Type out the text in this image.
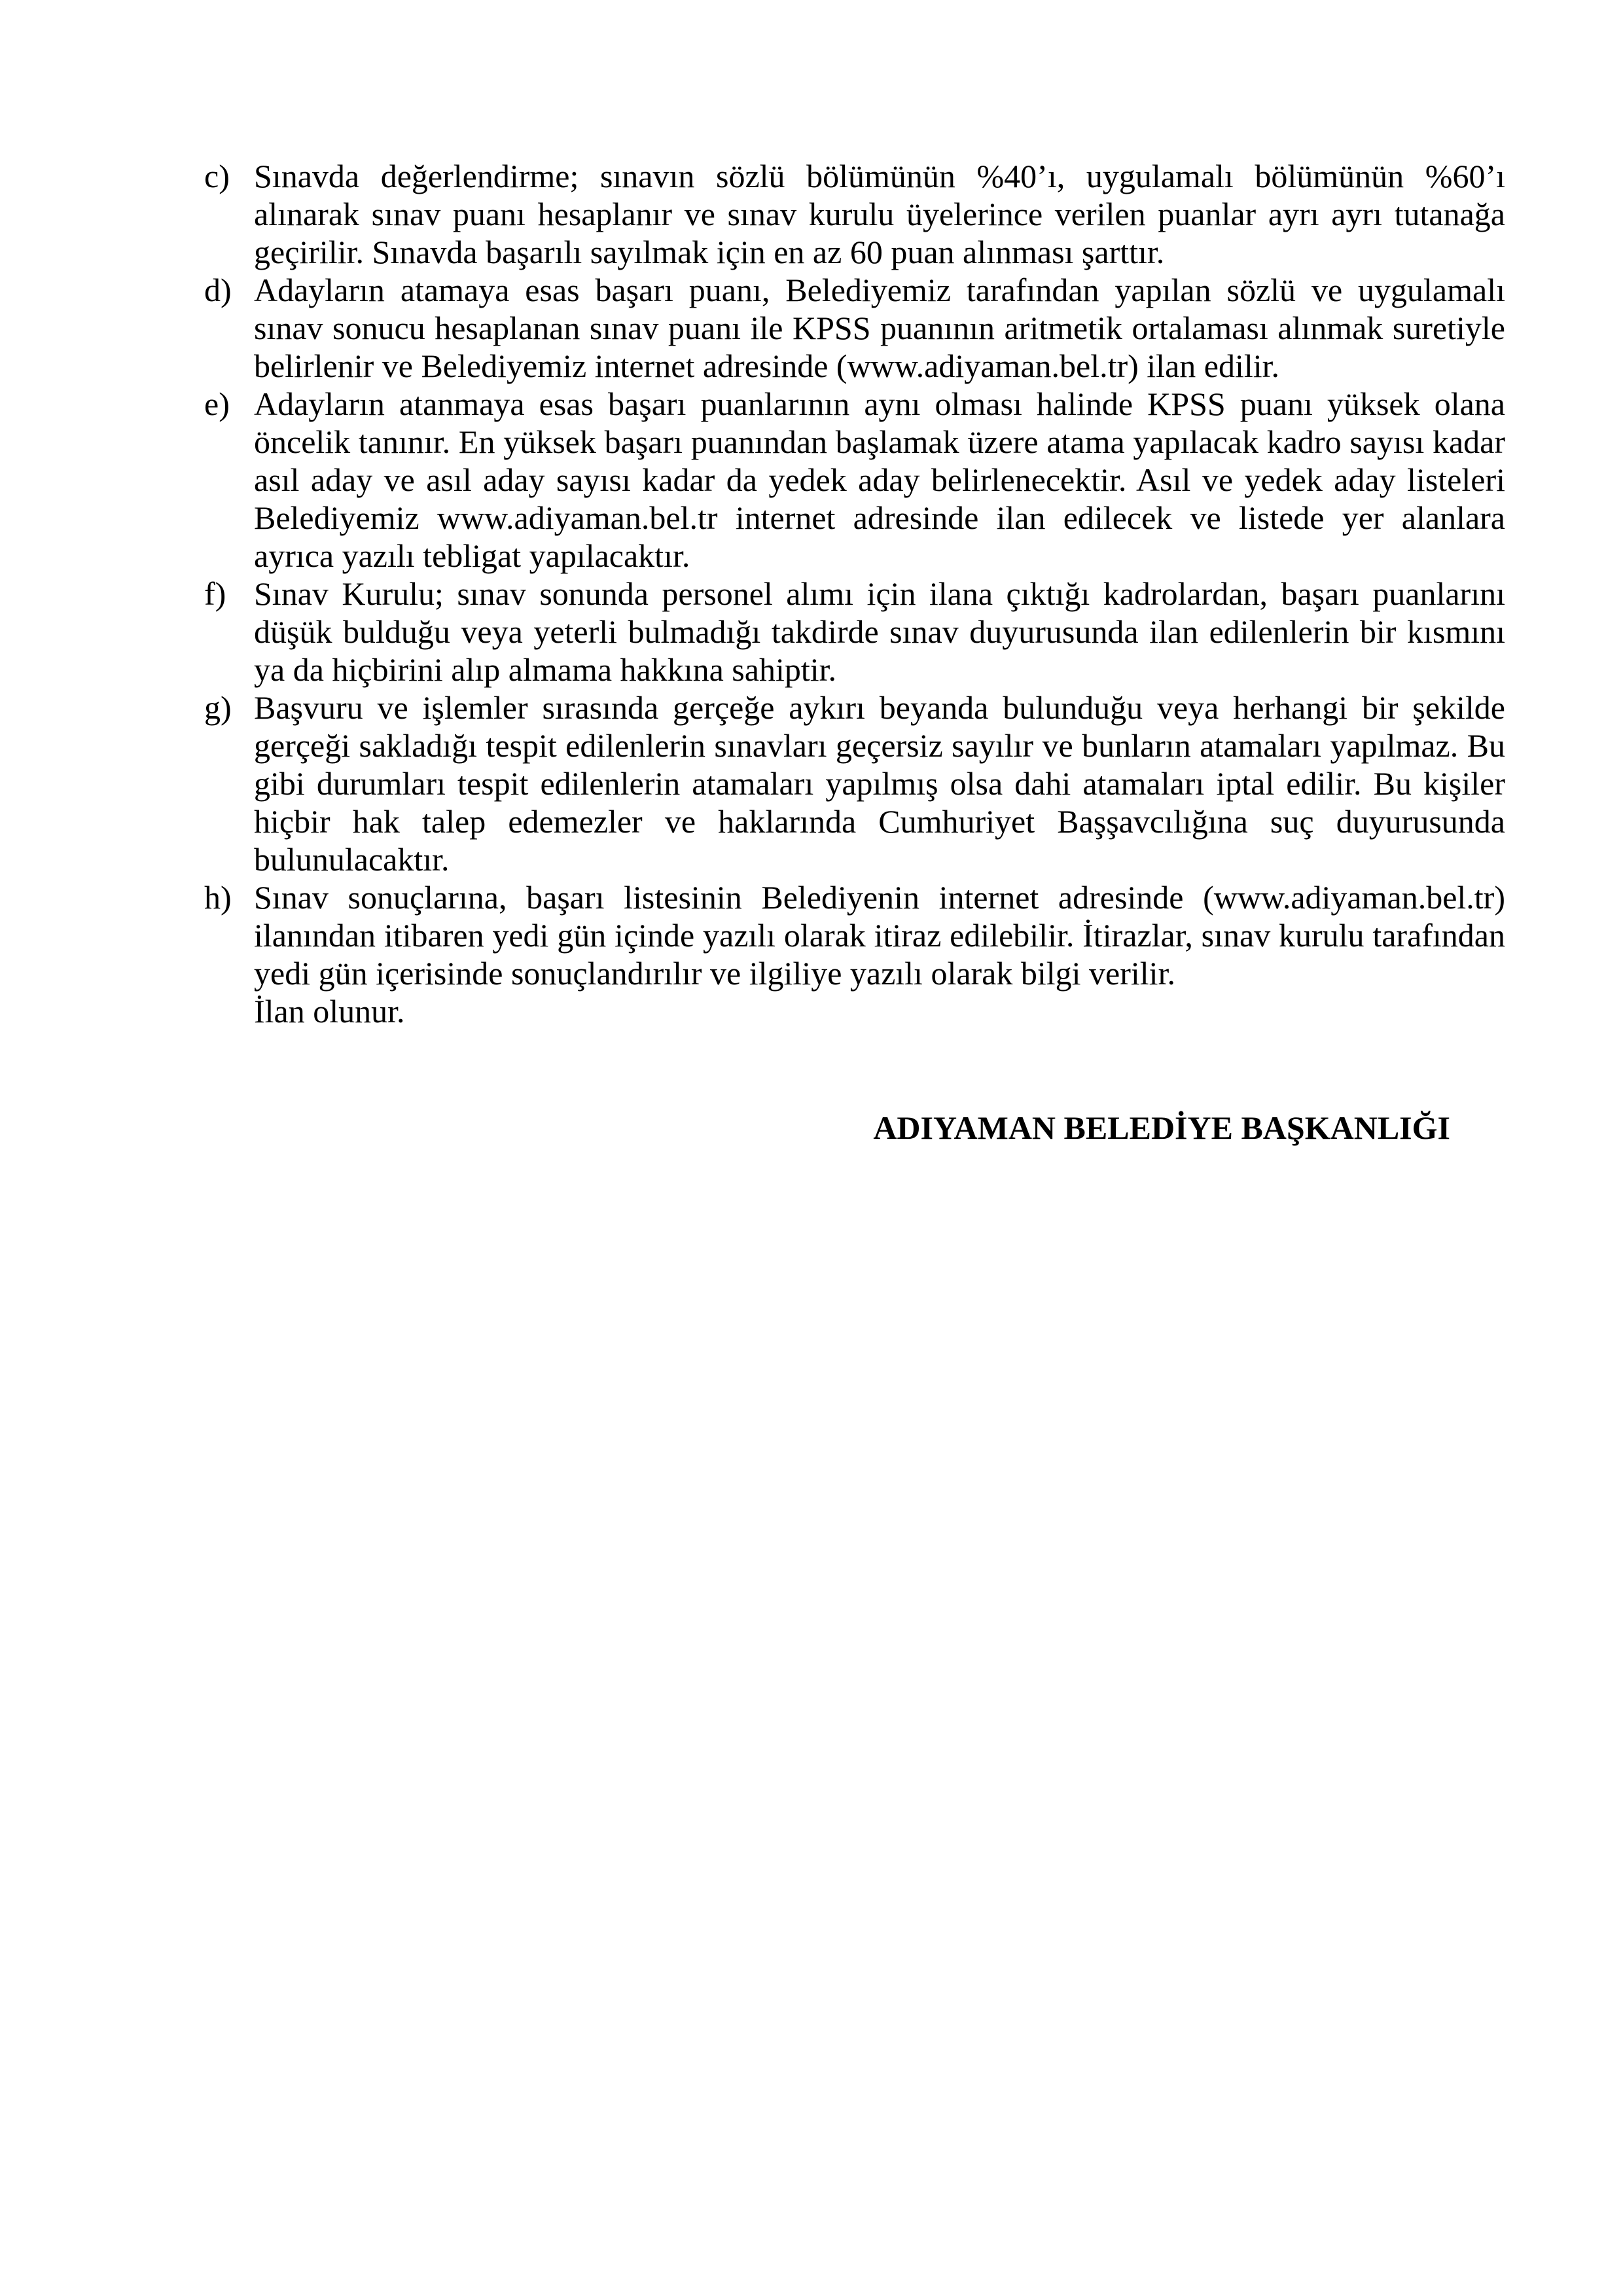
c) Sınavda değerlendirme; sınavın sözlü bölümünün %40’ı, uygulamalı bölümünün %60’ı alınarak sınav puanı hesaplanır ve sınav kurulu üyelerince verilen puanlar ayrı ayrı tutanağa geçirilir. Sınavda başarılı sayılmak için en az 60 puan alınması şarttır.
d) Adayların atamaya esas başarı puanı, Belediyemiz tarafından yapılan sözlü ve uygulamalı sınav sonucu hesaplanan sınav puanı ile KPSS puanının aritmetik ortalaması alınmak suretiyle belirlenir ve Belediyemiz internet adresinde (www.adiyaman.bel.tr) ilan edilir.
e) Adayların atanmaya esas başarı puanlarının aynı olması halinde KPSS puanı yüksek olana öncelik tanınır. En yüksek başarı puanından başlamak üzere atama yapılacak kadro sayısı kadar asıl aday ve asıl aday sayısı kadar da yedek aday belirlenecektir. Asıl ve yedek aday listeleri Belediyemiz www.adiyaman.bel.tr internet adresinde ilan edilecek ve listede yer alanlara ayrıca yazılı tebligat yapılacaktır.
f) Sınav Kurulu; sınav sonunda personel alımı için ilana çıktığı kadrolardan, başarı puanlarını düşük bulduğu veya yeterli bulmadığı takdirde sınav duyurusunda ilan edilenlerin bir kısmını ya da hiçbirini alıp almama hakkına sahiptir.
g) Başvuru ve işlemler sırasında gerçeğe aykırı beyanda bulunduğu veya herhangi bir şekilde gerçeği sakladığı tespit edilenlerin sınavları geçersiz sayılır ve bunların atamaları yapılmaz. Bu gibi durumları tespit edilenlerin atamaları yapılmış olsa dahi atamaları iptal edilir. Bu kişiler hiçbir hak talep edemezler ve haklarında Cumhuriyet Başşavcılığına suç duyurusunda bulunulacaktır.
h) Sınav sonuçlarına, başarı listesinin Belediyenin internet adresinde (www.adiyaman.bel.tr) ilanından itibaren yedi gün içinde yazılı olarak itiraz edilebilir. İtirazlar, sınav kurulu tarafından yedi gün içerisinde sonuçlandırılır ve ilgiliye yazılı olarak bilgi verilir.
İlan olunur.
ADIYAMAN BELEDİYE BAŞKANLIĞI
